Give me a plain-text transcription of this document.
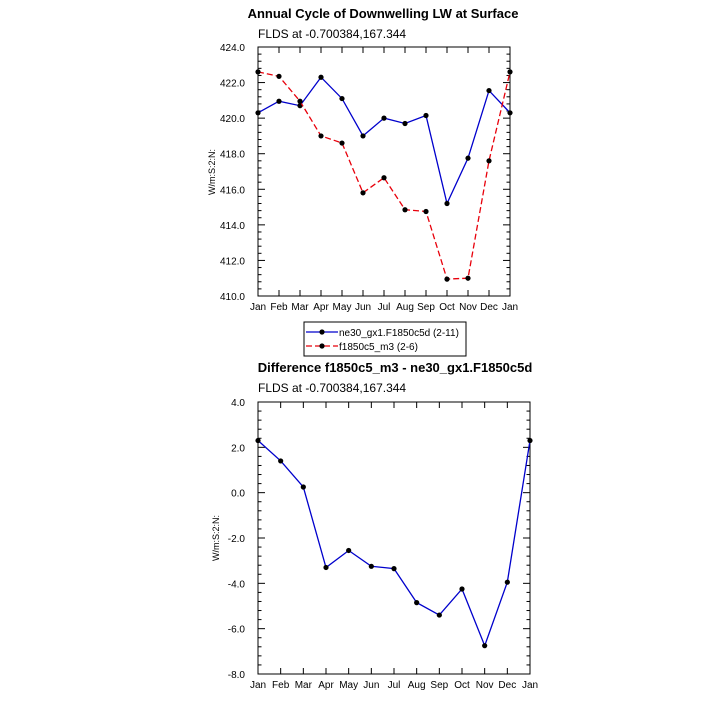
Annual Cycle of Downwelling LW at Surface
FLDS at -0.700384,167.344
W/m:S:2:N:
Jan Feb Mar Apr May Jun Jul Aug Sep Oct Nov Dec Jan
410.0
412.0
414.0
416.0
418.0
420.0
422.0
424.0
ne30_gx1.F1850c5d (2-11)
f1850c5_m3 (2-6)
Difference f1850c5_m3 - ne30_gx1.F1850c5d
FLDS at -0.700384,167.344
W/m:S:2:N:
Jan Feb Mar Apr May Jun Jul Aug Sep Oct Nov Dec Jan
-8.0
-6.0
-4.0
-2.0
0.0
2.0
4.0
